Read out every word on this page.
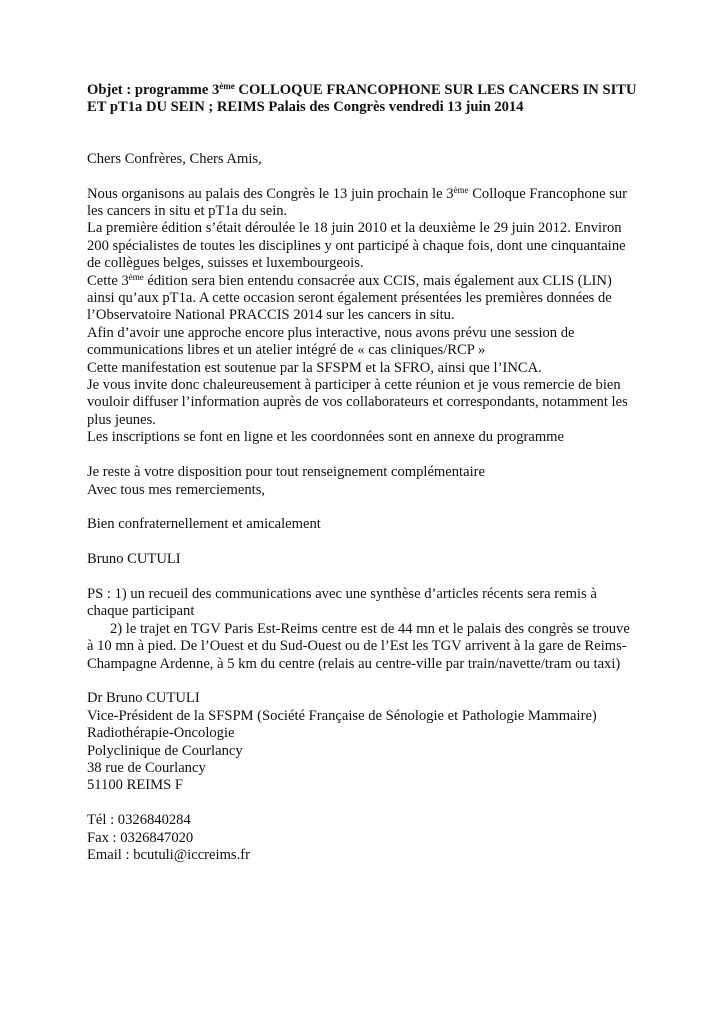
Objet : programme 3ème COLLOQUE FRANCOPHONE SUR LES CANCERS IN SITU
ET pT1a DU SEIN ; REIMS Palais des Congrès vendredi 13 juin 2014

Chers Confrères, Chers Amis,

Nous organisons au palais des Congrès le 13 juin prochain le 3ème Colloque Francophone sur
les cancers in situ et pT1a du sein.
La première édition s’était déroulée le 18 juin 2010 et la deuxième le 29 juin 2012. Environ
200 spécialistes de toutes les disciplines y ont participé à chaque fois, dont une cinquantaine
de collègues belges, suisses et luxembourgeois.
Cette 3ème édition sera bien entendu consacrée aux CCIS, mais également aux CLIS (LIN)
ainsi qu’aux pT1a. A cette occasion seront également présentées les premières données de
l’Observatoire National PRACCIS 2014 sur les cancers in situ.
Afin d’avoir une approche encore plus interactive, nous avons prévu une session de
communications libres et un atelier intégré de « cas cliniques/RCP »
Cette manifestation est soutenue par la SFSPM et la SFRO, ainsi que l’INCA.
Je vous invite donc chaleureusement à participer à cette réunion et je vous remercie de bien
vouloir diffuser l’information auprès de vos collaborateurs et correspondants, notamment les
plus jeunes.
Les inscriptions se font en ligne et les coordonnées sont en annexe du programme
Je reste à votre disposition pour tout renseignement complémentaire
Avec tous mes remerciements,

Bien confraternellement et amicalement

Bruno CUTULI

PS : 1) un recueil des communications avec une synthèse d’articles récents sera remis à
chaque participant
2) le trajet en TGV Paris Est-Reims centre est de 44 mn et le palais des congrès se trouve
à 10 mn à pied. De l’Ouest et du Sud-Ouest ou de l’Est les TGV arrivent à la gare de Reims-
Champagne Ardenne, à 5 km du centre (relais au centre-ville par train/navette/tram ou taxi)
Dr Bruno CUTULI
Vice-Président de la SFSPM (Société Française de Sénologie et Pathologie Mammaire)
Radiothérapie-Oncologie
Polyclinique de Courlancy
38 rue de Courlancy
51100 REIMS F
Tél : 0326840284
Fax : 0326847020
Email : bcutuli@iccreims.fr
